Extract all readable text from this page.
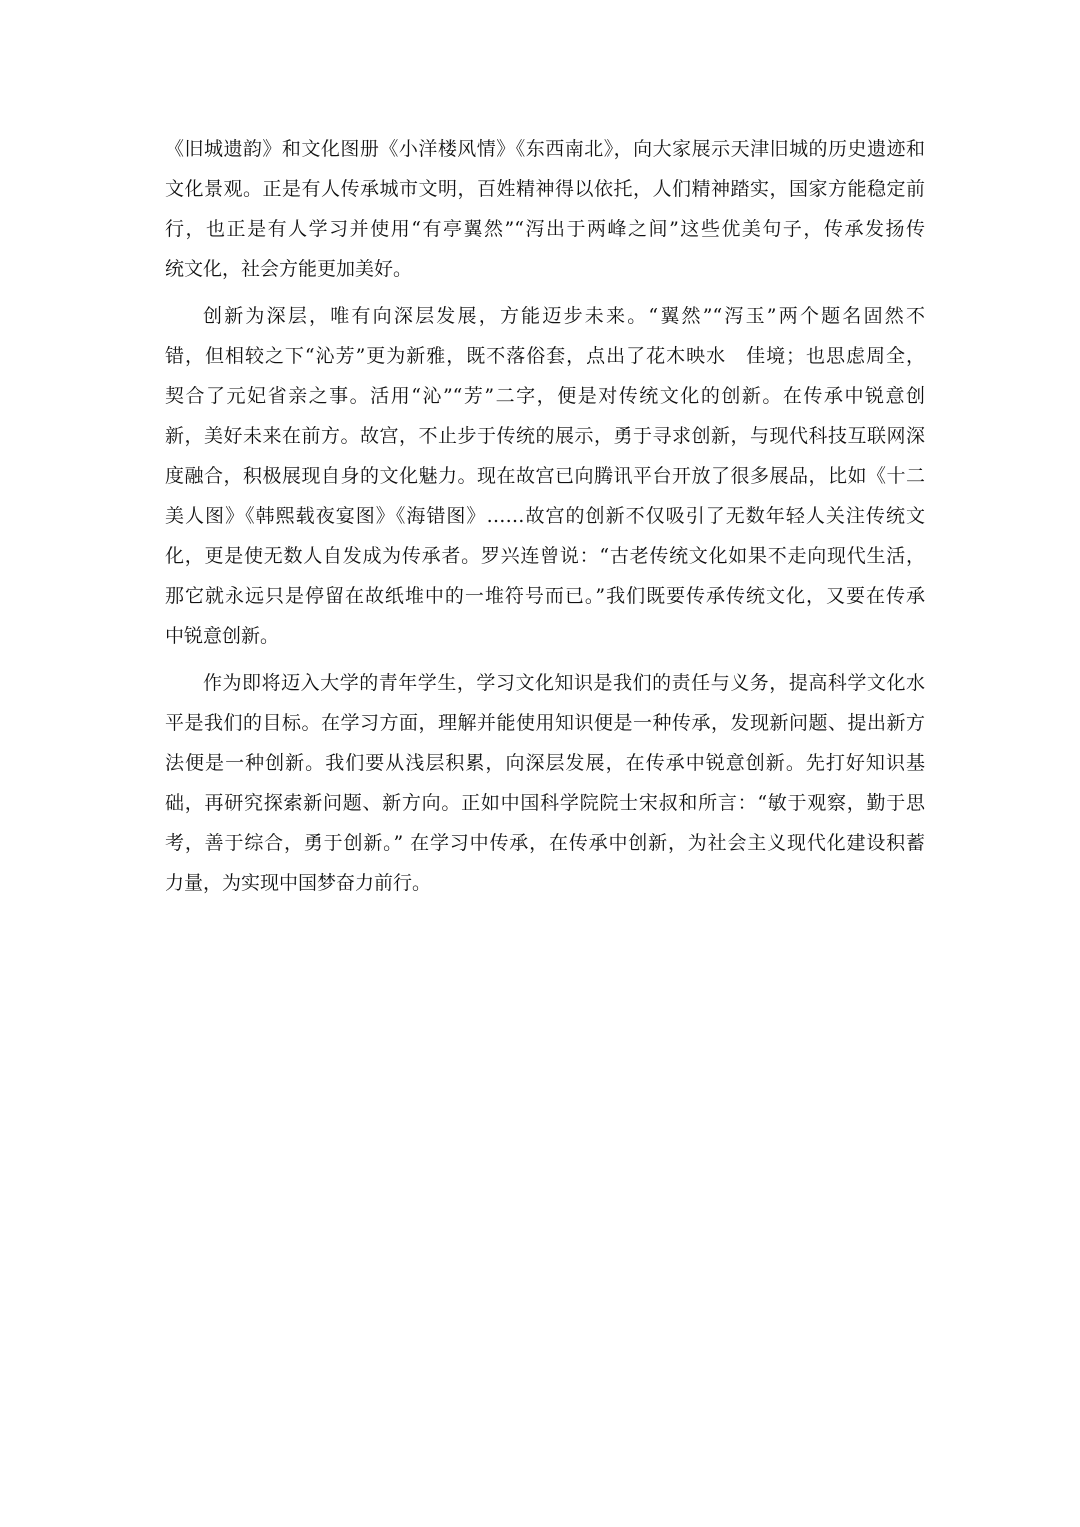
《旧城遗韵》和文化图册《小洋楼风情》《东西南北》，向大家展示天津旧城的历史遗迹和
文化景观。正是有人传承城市文明，百姓精神得以依托，人们精神踏实，国家方能稳定前
行，也正是有人学习并使用“有亭翼然”“泻出于两峰之间”这些优美句子，传承发扬传
统文化，社会方能更加美好。
创新为深层，唯有向深层发展，方能迈步未来。“翼然”“泻玉”两个题名固然不
错，但相较之下“沁芳”更为新雅，既不落俗套，点出了花木映水　佳境；也思虑周全，
契合了元妃省亲之事。活用“沁”“芳”二字，便是对传统文化的创新。在传承中锐意创
新，美好未来在前方。故宫，不止步于传统的展示，勇于寻求创新，与现代科技互联网深
度融合，积极展现自身的文化魅力。现在故宫已向腾讯平台开放了很多展品，比如《十二
美人图》《韩熙载夜宴图》《海错图》……故宫的创新不仅吸引了无数年轻人关注传统文
化，更是使无数人自发成为传承者。罗兴连曾说：“古老传统文化如果不走向现代生活，
那它就永远只是停留在故纸堆中的一堆符号而已。”我们既要传承传统文化，又要在传承
中锐意创新。
作为即将迈入大学的青年学生，学习文化知识是我们的责任与义务，提高科学文化水
平是我们的目标。在学习方面，理解并能使用知识便是一种传承，发现新问题、提出新方
法便是一种创新。我们要从浅层积累，向深层发展，在传承中锐意创新。先打好知识基
础，再研究探索新问题、新方向。正如中国科学院院士宋叔和所言：“敏于观察，勤于思
考，善于综合，勇于创新。” 在学习中传承，在传承中创新，为社会主义现代化建设积蓄
力量，为实现中国梦奋力前行。
